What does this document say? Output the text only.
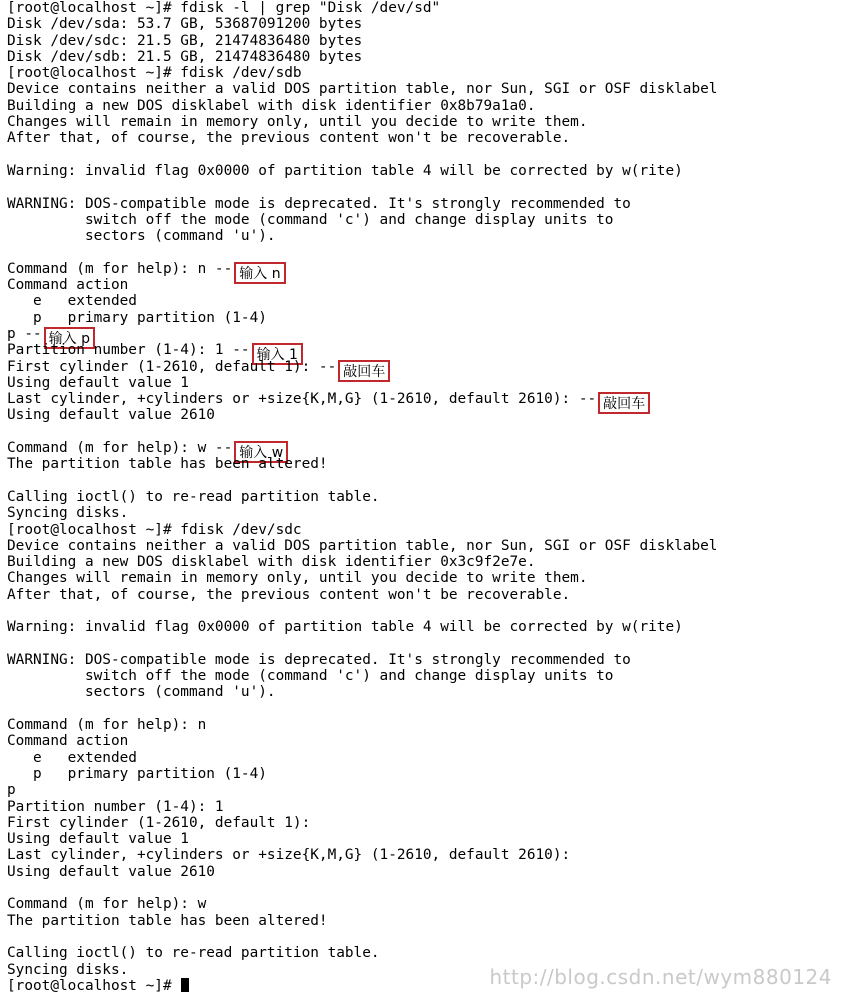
[root@localhost ~]# fdisk -l | grep "Disk /dev/sd"
Disk /dev/sda: 53.7 GB, 53687091200 bytes
Disk /dev/sdc: 21.5 GB, 21474836480 bytes
Disk /dev/sdb: 21.5 GB, 21474836480 bytes
[root@localhost ~]# fdisk /dev/sdb
Device contains neither a valid DOS partition table, nor Sun, SGI or OSF disklabel
Building a new DOS disklabel with disk identifier 0x8b79a1a0.
Changes will remain in memory only, until you decide to write them.
After that, of course, the previous content won't be recoverable.
Warning: invalid flag 0x0000 of partition table 4 will be corrected by w(rite)
WARNING: DOS-compatible mode is deprecated. It's strongly recommended to
switch off the mode (command 'c') and change display units to
sectors (command 'u').
Command (m for help): n -- 输入 n
Command action
e   extended
p   primary partition (1-4)
p -- 输入 p
Partition number (1-4): 1 -- 输入 1
First cylinder (1-2610, default 1): -- 敲回车
Using default value 1
Last cylinder, +cylinders or +size{K,M,G} (1-2610, default 2610): -- 敲回车
Using default value 2610
Command (m for help): w -- 输入 w
The partition table has been altered!
Calling ioctl() to re-read partition table.
Syncing disks.
[root@localhost ~]# fdisk /dev/sdc
Device contains neither a valid DOS partition table, nor Sun, SGI or OSF disklabel
Building a new DOS disklabel with disk identifier 0x3c9f2e7e.
Changes will remain in memory only, until you decide to write them.
After that, of course, the previous content won't be recoverable.
Warning: invalid flag 0x0000 of partition table 4 will be corrected by w(rite)
WARNING: DOS-compatible mode is deprecated. It's strongly recommended to
switch off the mode (command 'c') and change display units to
sectors (command 'u').
Command (m for help): n
Command action
e   extended
p   primary partition (1-4)
p
Partition number (1-4): 1
First cylinder (1-2610, default 1):
Using default value 1
Last cylinder, +cylinders or +size{K,M,G} (1-2610, default 2610):
Using default value 2610
Command (m for help): w
The partition table has been altered!
Calling ioctl() to re-read partition table.
Syncing disks.
[root@localhost ~]#	http://blog.csdn.net/wym880124
